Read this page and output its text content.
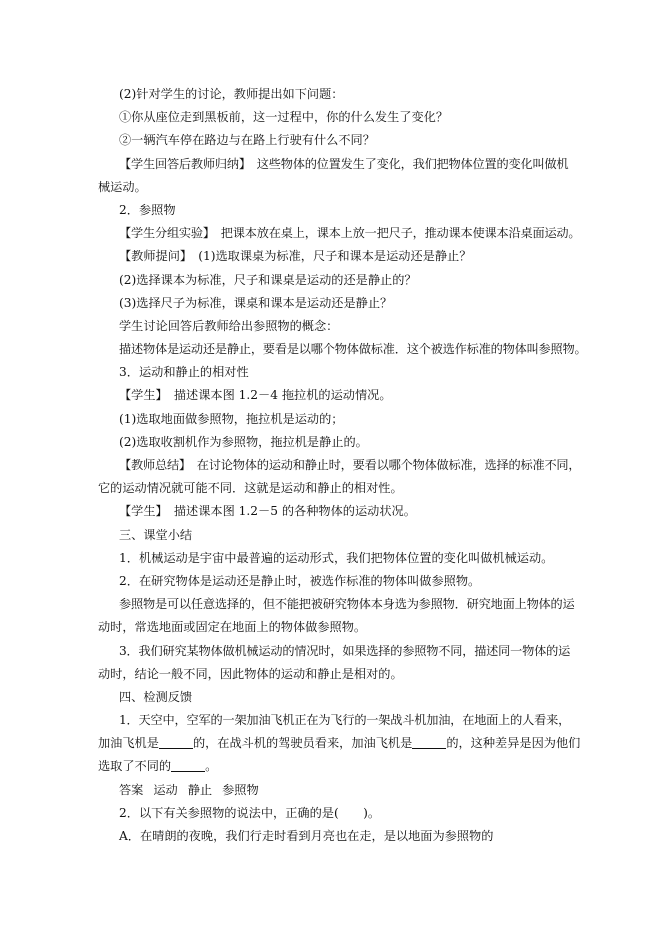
(2)针对学生的讨论，教师提出如下问题：
①你从座位走到黑板前，这一过程中，你的什么发生了变化？
②一辆汽车停在路边与在路上行驶有什么不同？
【学生回答后教师归纳】　这些物体的位置发生了变化，我们把物体位置的变化叫做机
械运动。
2．参照物
【学生分组实验】　把课本放在桌上，课本上放一把尺子，推动课本使课本沿桌面运动。
【教师提问】　(1)选取课桌为标准，尺子和课本是运动还是静止？
(2)选择课本为标准，尺子和课桌是运动的还是静止的？
(3)选择尺子为标准，课桌和课本是运动还是静止？
学生讨论回答后教师给出参照物的概念：
描述物体是运动还是静止，要看是以哪个物体做标准．这个被选作标准的物体叫参照物。
3．运动和静止的相对性
【学生】　描述课本图 1.2－4 拖拉机的运动情况。
(1)选取地面做参照物，拖拉机是运动的；
(2)选取收割机作为参照物，拖拉机是静止的。
【教师总结】　在讨论物体的运动和静止时，要看以哪个物体做标准，选择的标准不同，
它的运动情况就可能不同．这就是运动和静止的相对性。
【学生】　描述课本图 1.2－5 的各种物体的运动状况。
三、课堂小结
1．机械运动是宇宙中最普遍的运动形式，我们把物体位置的变化叫做机械运动。
2．在研究物体是运动还是静止时，被选作标准的物体叫做参照物。
参照物是可以任意选择的，但不能把被研究物体本身选为参照物．研究地面上物体的运
动时，常选地面或固定在地面上的物体做参照物。
3．我们研究某物体做机械运动的情况时，如果选择的参照物不同，描述同一物体的运
动时，结论一般不同，因此物体的运动和静止是相对的。
四、检测反馈
1．天空中，空军的一架加油飞机正在为飞行的一架战斗机加油，在地面上的人看来，
加油飞机是	的，在战斗机的驾驶员看来，加油飞机是	的，这种差异是因为他们
选取了不同的	。
答案 运动 静止 参照物
2．以下有关参照物的说法中，正确的是(　　)。
A．在晴朗的夜晚，我们行走时看到月亮也在走，是以地面为参照物的
